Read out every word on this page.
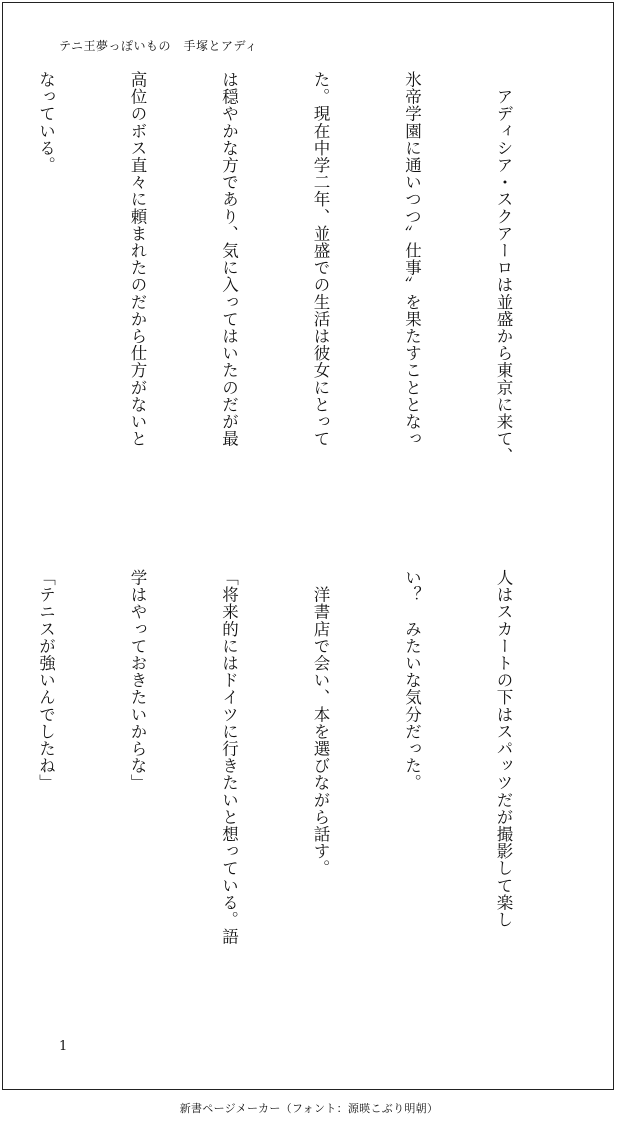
テニ王夢っぽいもの　手塚とアディ

　アディシア・スクアーロは並盛から東京に来て、

氷帝学園に通いつつ〞仕事〞を果たすこととなっ

た。現在中学二年、並盛での生活は彼女にとって

は穏やかな方であり、気に入ってはいたのだが最

高位のボス直々に頼まれたのだから仕方がないと

なっている。

人はスカートの下はスパッツだが撮影して楽し

い？　みたいな気分だった。

　洋書店で会い、本を選びながら話す。

「将来的にはドイツに行きたいと想っている。語

学はやっておきたいからな」

「テニスが強いんでしたね」

1
新書ページメーカー（フォント：源暎こぶり明朝）
